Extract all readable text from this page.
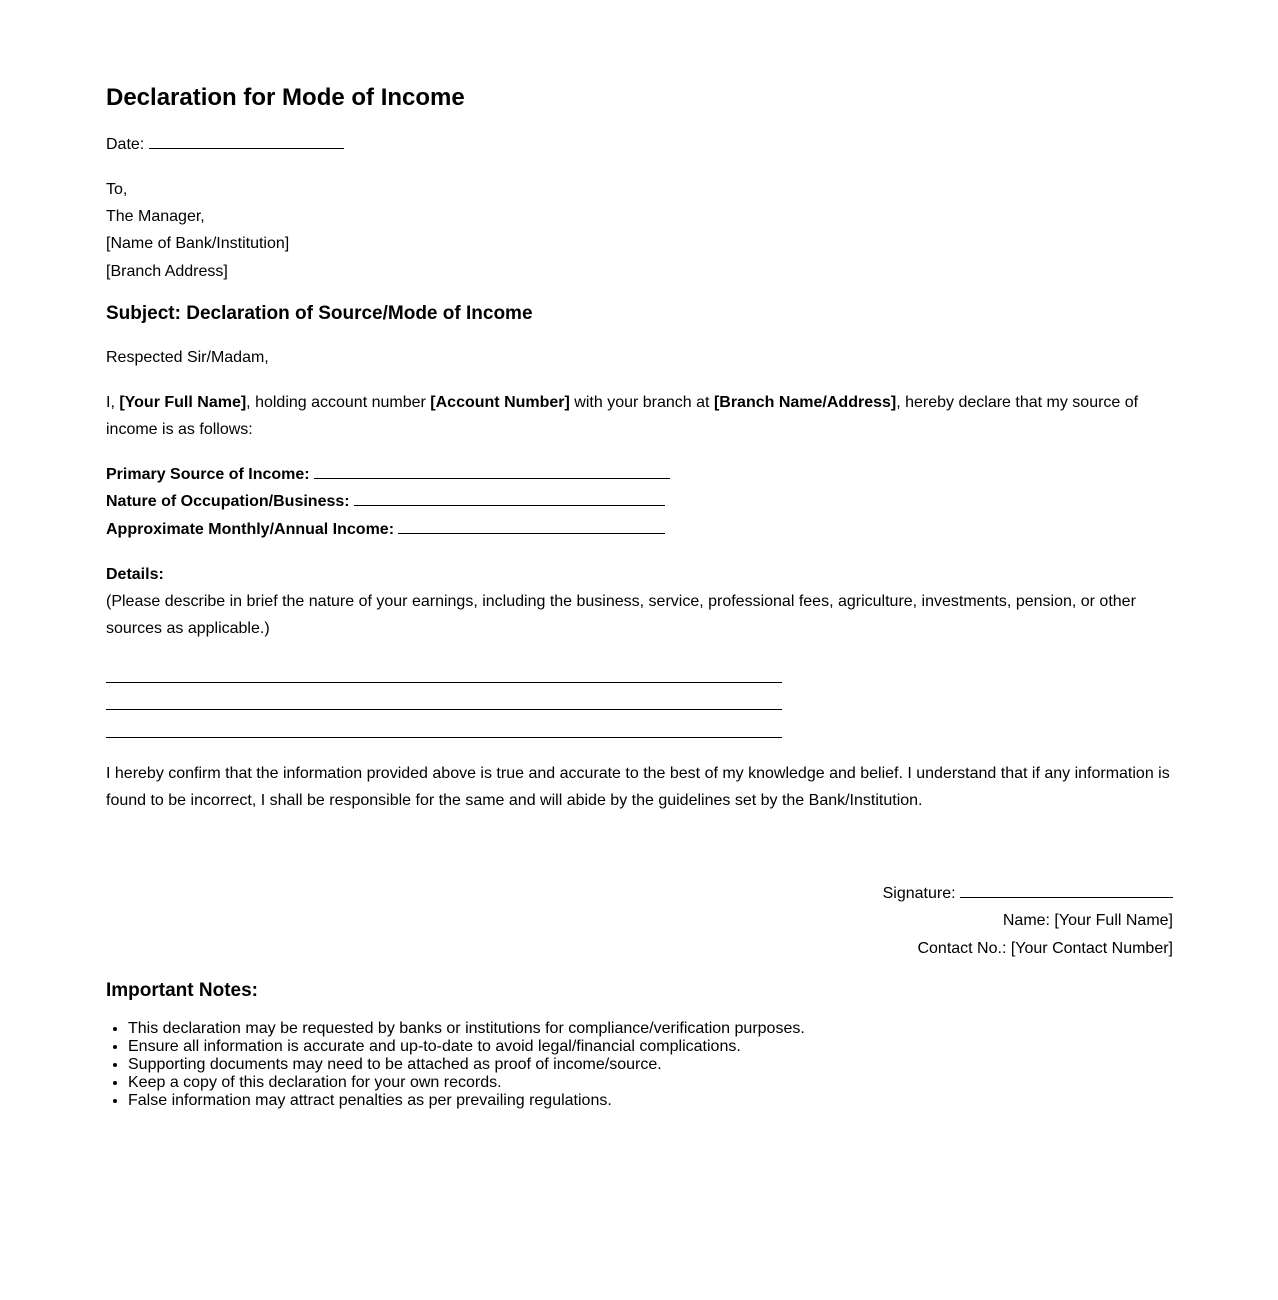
Declaration for Mode of Income
Date:
To,
The Manager,
[Name of Bank/Institution]
[Branch Address]
Subject: Declaration of Source/Mode of Income
Respected Sir/Madam,
I, [Your Full Name], holding account number [Account Number] with your branch at [Branch Name/Address], hereby declare that my source of income is as follows:
Primary Source of Income:
Nature of Occupation/Business:
Approximate Monthly/Annual Income:
Details:
(Please describe in brief the nature of your earnings, including the business, service, professional fees, agriculture, investments, pension, or other sources as applicable.)
I hereby confirm that the information provided above is true and accurate to the best of my knowledge and belief. I understand that if any information is found to be incorrect, I shall be responsible for the same and will abide by the guidelines set by the Bank/Institution.
Signature:
Name: [Your Full Name]
Contact No.: [Your Contact Number]
Important Notes:
• This declaration may be requested by banks or institutions for compliance/verification purposes.
• Ensure all information is accurate and up-to-date to avoid legal/financial complications.
• Supporting documents may need to be attached as proof of income/source.
• Keep a copy of this declaration for your own records.
• False information may attract penalties as per prevailing regulations.
